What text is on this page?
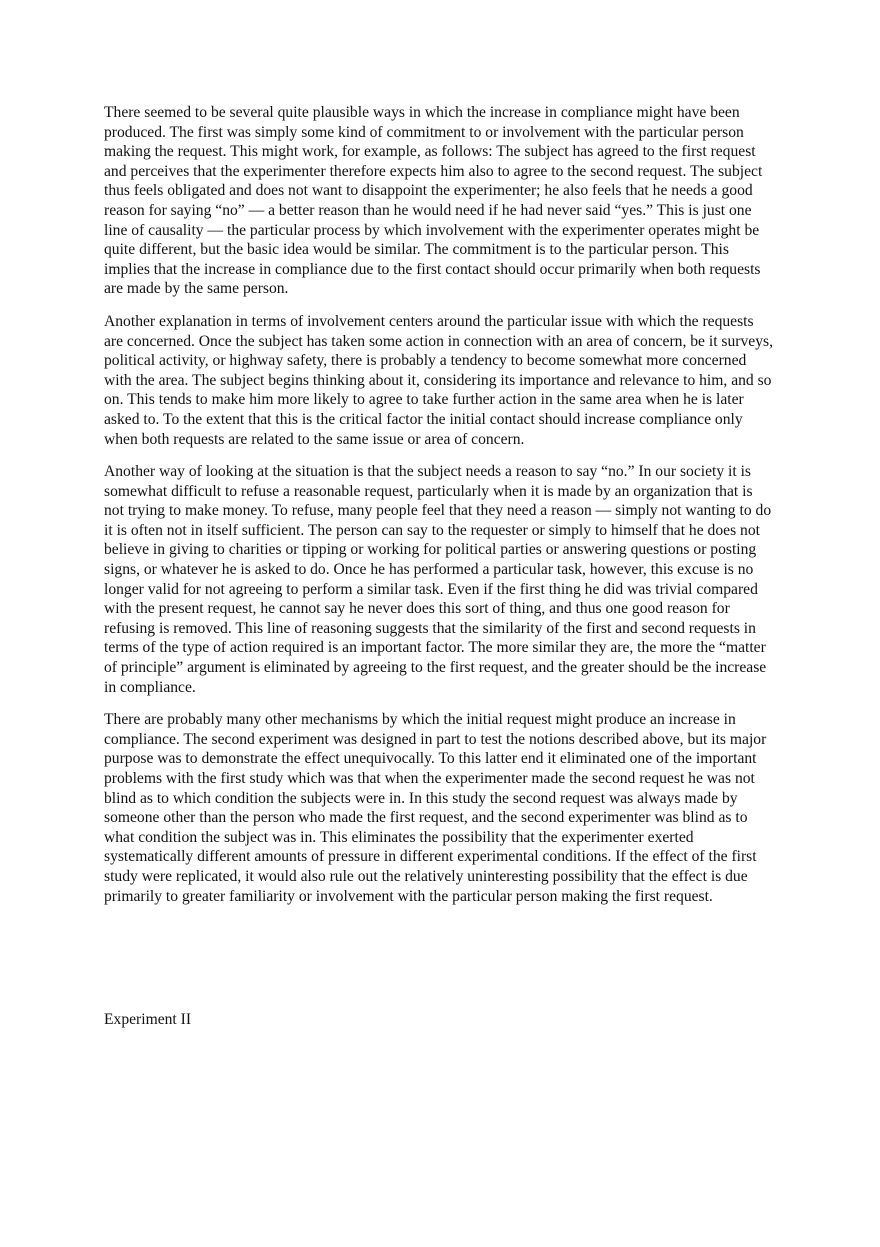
There seemed to be several quite plausible ways in which the increase in compliance might have been produced. The first was simply some kind of commitment to or involvement with the particular person making the request. This might work, for example, as follows: The subject has agreed to the first request and perceives that the experimenter therefore expects him also to agree to the second request. The subject thus feels obligated and does not want to disappoint the experimenter; he also feels that he needs a good reason for saying “no” — a better reason than he would need if he had never said “yes.” This is just one line of causality — the particular process by which involvement with the experimenter operates might be quite different, but the basic idea would be similar. The commitment is to the particular person. This implies that the increase in compliance due to the first contact should occur primarily when both requests are made by the same person.

Another explanation in terms of involvement centers around the particular issue with which the requests are concerned. Once the subject has taken some action in connection with an area of concern, be it surveys, political activity, or highway safety, there is probably a tendency to become somewhat more concerned with the area. The subject begins thinking about it, considering its importance and relevance to him, and so on. This tends to make him more likely to agree to take further action in the same area when he is later asked to. To the extent that this is the critical factor the initial contact should increase compliance only when both requests are related to the same issue or area of concern.

Another way of looking at the situation is that the subject needs a reason to say “no.” In our society it is somewhat difficult to refuse a reasonable request, particularly when it is made by an organization that is not trying to make money. To refuse, many people feel that they need a reason — simply not wanting to do it is often not in itself sufficient. The person can say to the requester or simply to himself that he does not believe in giving to charities or tipping or working for political parties or answering questions or posting signs, or whatever he is asked to do. Once he has performed a particular task, however, this excuse is no longer valid for not agreeing to perform a similar task. Even if the first thing he did was trivial compared with the present request, he cannot say he never does this sort of thing, and thus one good reason for refusing is removed. This line of reasoning suggests that the similarity of the first and second requests in terms of the type of action required is an important factor. The more similar they are, the more the “matter of principle” argument is eliminated by agreeing to the first request, and the greater should be the increase in compliance.

There are probably many other mechanisms by which the initial request might produce an increase in compliance. The second experiment was designed in part to test the notions described above, but its major purpose was to demonstrate the effect unequivocally. To this latter end it eliminated one of the important problems with the first study which was that when the experimenter made the second request he was not blind as to which condition the subjects were in. In this study the second request was always made by someone other than the person who made the first request, and the second experimenter was blind as to what condition the subject was in. This eliminates the possibility that the experimenter exerted systematically different amounts of pressure in different experimental conditions. If the effect of the first study were replicated, it would also rule out the relatively uninteresting possibility that the effect is due primarily to greater familiarity or involvement with the particular person making the first request.

Experiment II
